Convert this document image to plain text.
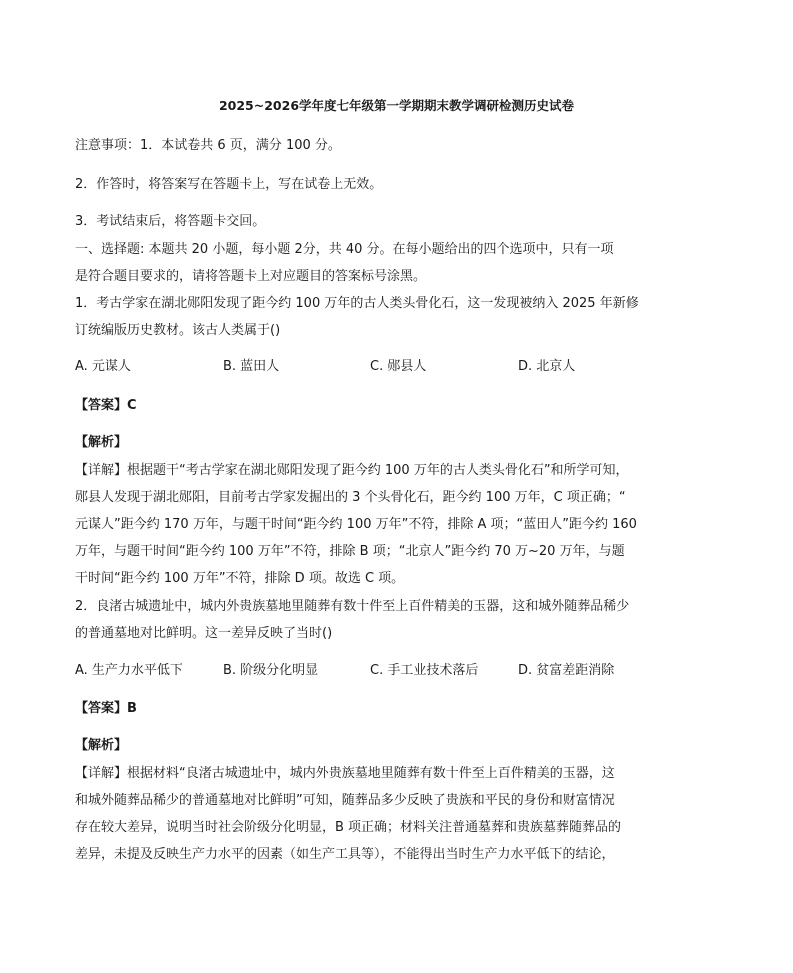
2025~2026学年度七年级第一学期期末教学调研检测历史试卷
注意事项：1．本试卷共 6 页，满分 100 分。
2．作答时，将答案写在答题卡上，写在试卷上无效。
3．考试结束后，将答题卡交回。
一、选择题: 本题共 20 小题，每小题 2分，共 40 分。在每小题给出的四个选项中，只有一项
是符合题目要求的，请将答题卡上对应题目的答案标号涂黑。
1．考古学家在湖北郧阳发现了距今约 100 万年的古人类头骨化石，这一发现被纳入 2025 年新修
订统编版历史教材。该古人类属于()
A. 元谋人	B. 蓝田人	C. 郧县人	D. 北京人
【答案】C
【解析】
【详解】根据题干“考古学家在湖北郧阳发现了距今约 100 万年的古人类头骨化石”和所学可知，
郧县人发现于湖北郧阳，目前考古学家发掘出的 3 个头骨化石，距今约 100 万年，C 项正确；“
元谋人”距今约 170 万年，与题干时间“距今约 100 万年”不符，排除 A 项；“蓝田人”距今约 160
万年，与题干时间“距今约 100 万年”不符，排除 B 项；“北京人”距今约 70 万~20 万年，与题
干时间“距今约 100 万年”不符，排除 D 项。故选 C 项。
2．良渚古城遗址中，城内外贵族墓地里随葬有数十件至上百件精美的玉器，这和城外随葬品稀少
的普通墓地对比鲜明。这一差异反映了当时()
A. 生产力水平低下	B. 阶级分化明显	C. 手工业技术落后	D. 贫富差距消除
【答案】B
【解析】
【详解】根据材料“良渚古城遗址中，城内外贵族墓地里随葬有数十件至上百件精美的玉器，这
和城外随葬品稀少的普通墓地对比鲜明”可知，随葬品多少反映了贵族和平民的身份和财富情况
存在较大差异，说明当时社会阶级分化明显，B 项正确；材料关注普通墓葬和贵族墓葬随葬品的
差异，未提及反映生产力水平的因素（如生产工具等），不能得出当时生产力水平低下的结论，
